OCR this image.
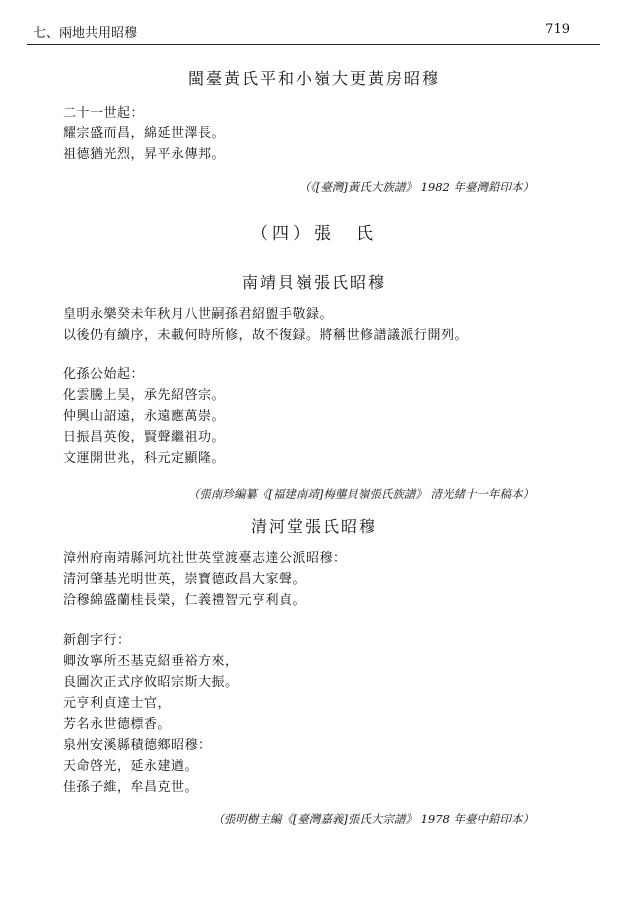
七、兩地共用昭穆	719
閩臺黃氏平和小嶺大更黃房昭穆
二十一世起：
耀宗盛而昌，綿延世澤長。
祖德猶光烈，昇平永傳邦。
（《[臺灣]黃氏大族譜》 1982 年臺灣鉛印本）
（四）張　氏
南靖貝嶺張氏昭穆
皇明永樂癸未年秋月八世嗣孫君紹盥手敬録。
以後仍有續序，未載何時所修，故不復録。將稱世修譜議派行開列。
化孫公始起：
化雲騰上昊，承先紹啓宗。
仲興山詔遠，永遠應萬崇。
日振昌英俊，賢聲繼祖功。
文運開世兆，科元定顯隆。
（張南珍編纂《[福建南靖]梅壟貝嶺張氏族譜》 清光緒十一年稿本）
清河堂張氏昭穆
漳州府南靖縣河坑社世英堂渡臺志達公派昭穆：
清河肇基光明世英，崇寶德政昌大家聲。
洽穆綿盛蘭桂長榮，仁義禮智元亨利貞。
新創字行：
卿汝寧所丕基克紹垂裕方來，
良圖次正式序攸昭宗斯大振。
元亨利貞達士官，
芳名永世德標香。
泉州安溪縣積德鄉昭穆：
天命啓光，延永建遒。
佳孫子維，牟昌克世。
（張明樹主編《[臺灣嘉義]張氏大宗譜》 1978 年臺中鉛印本）
